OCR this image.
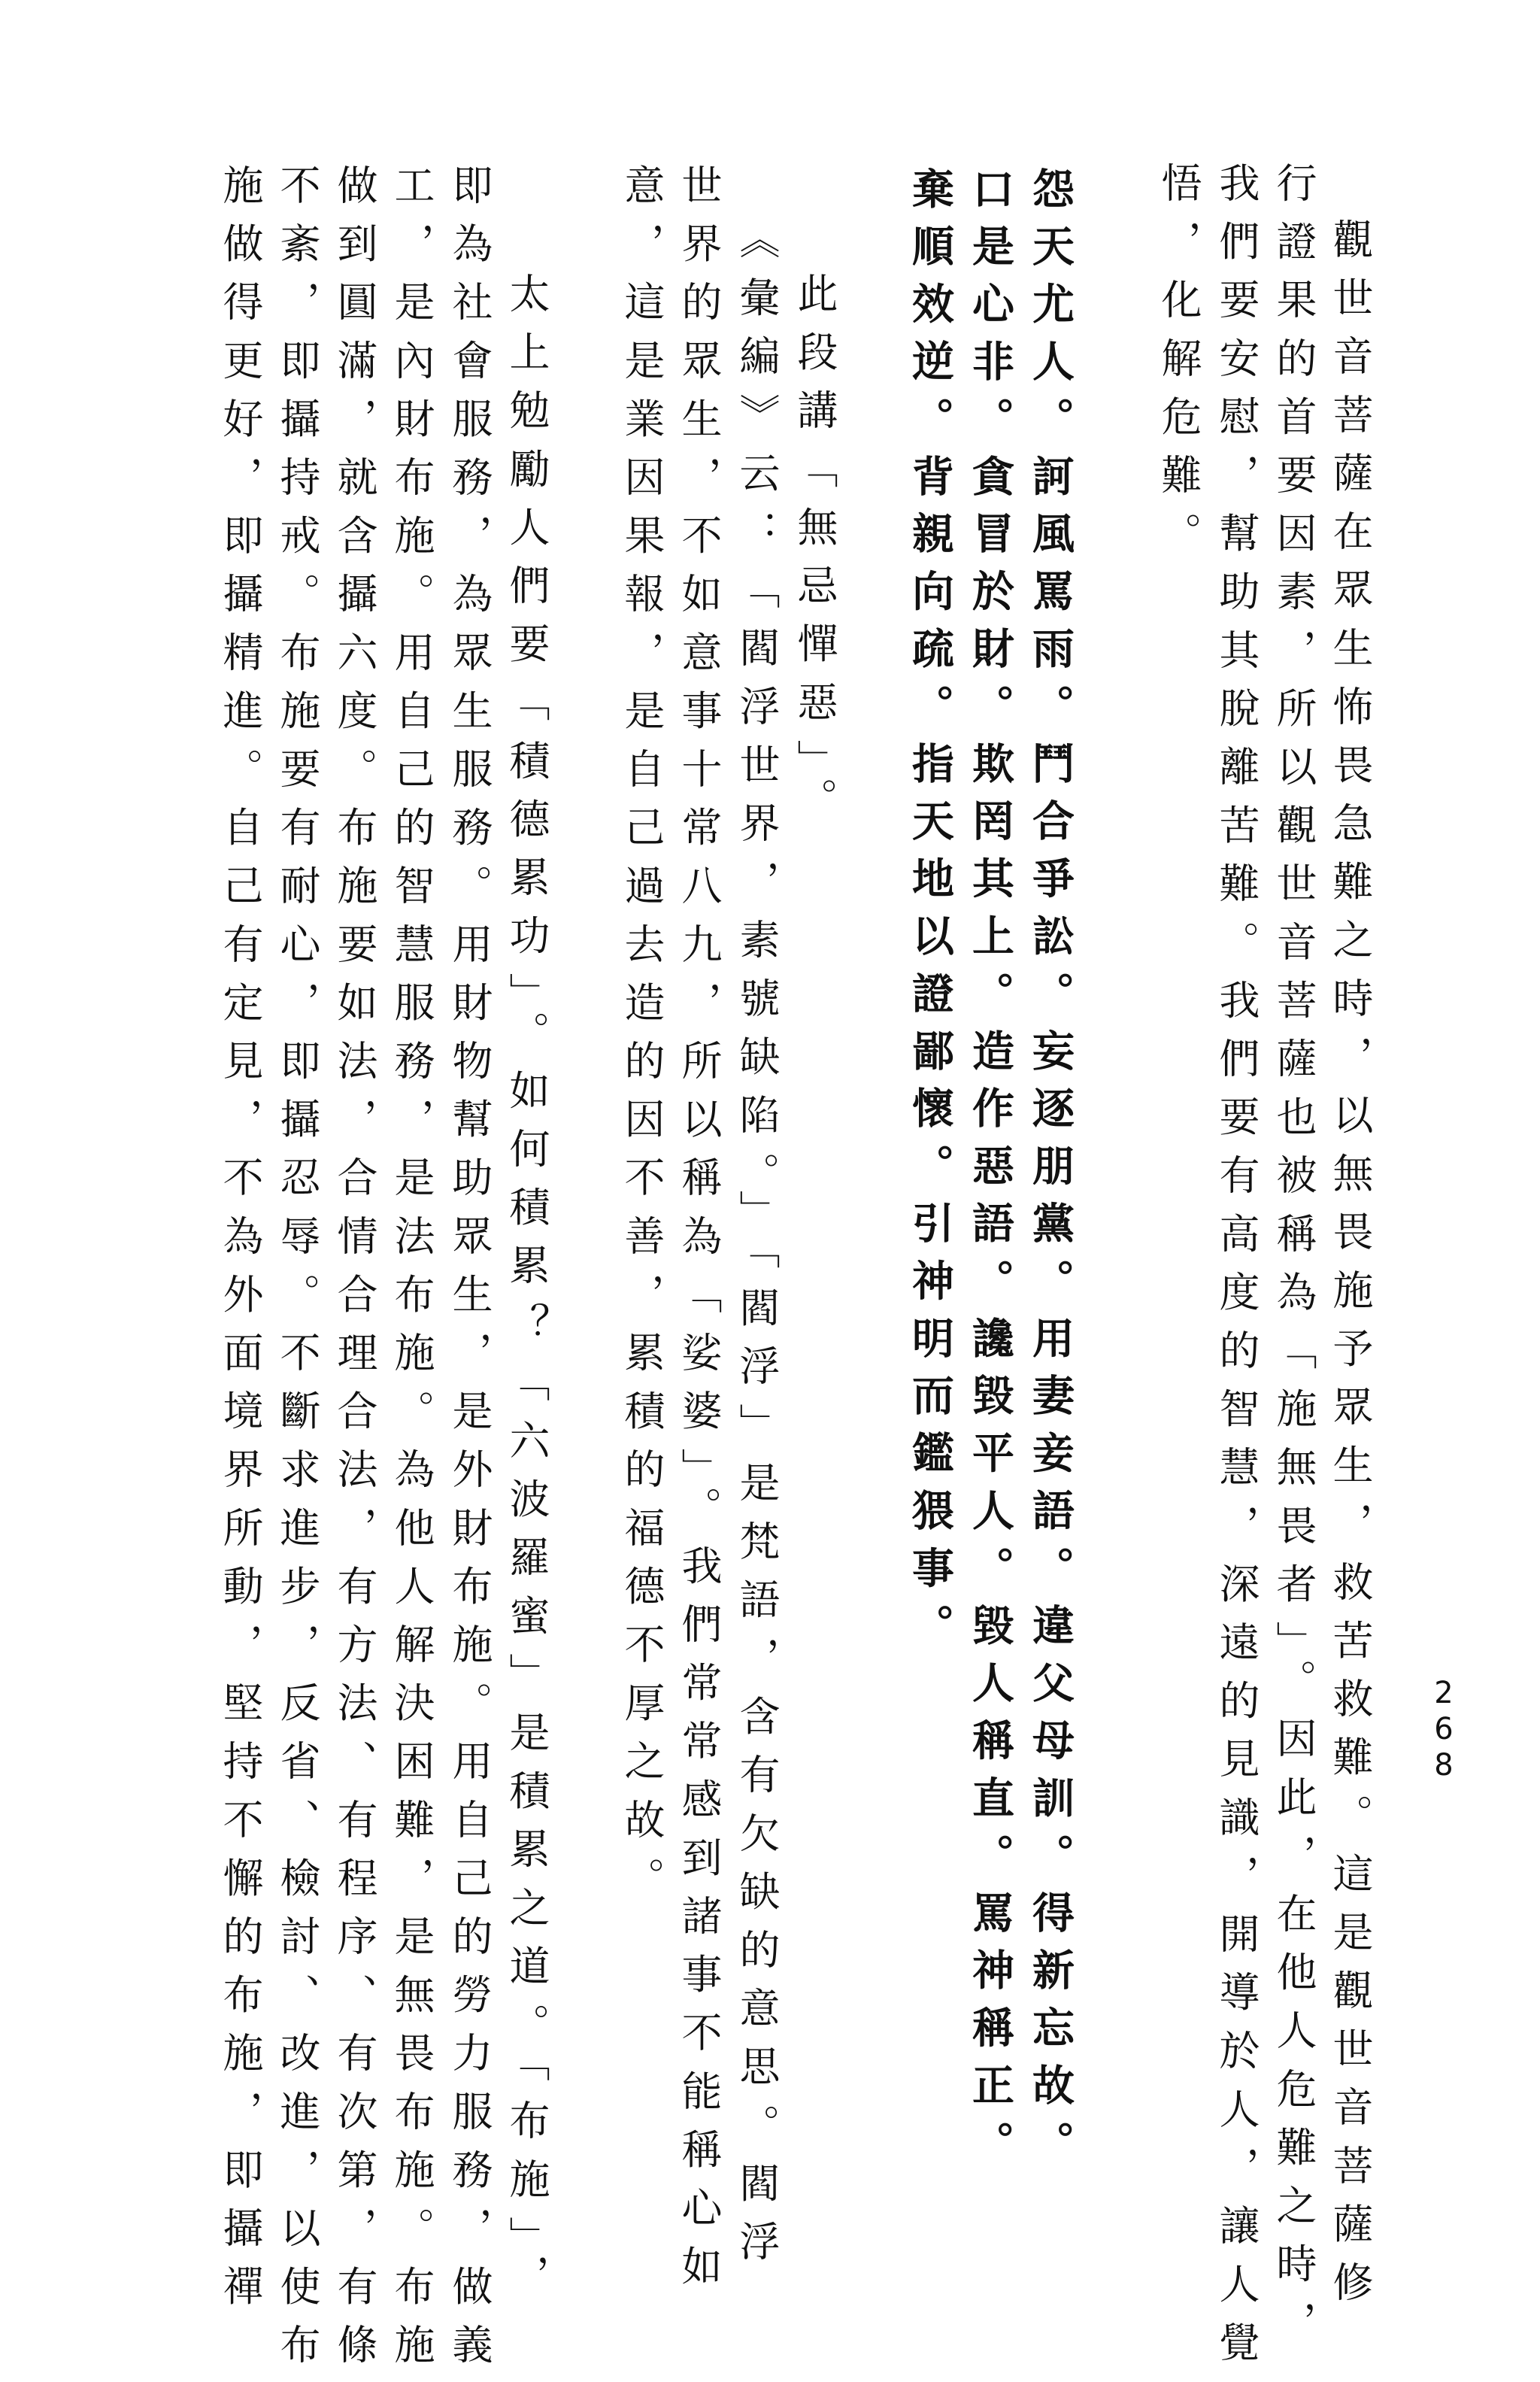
268

觀世音菩薩在眾生怖畏急難之時，以無畏施予眾生，救苦救難。這是觀世音菩薩修

行證果的首要因素，所以觀世音菩薩也被稱為「施無畏者」。因此，在他人危難之時，

我們要安慰，幫助其脫離苦難。我們要有高度的智慧，深遠的見識，開導於人，讓人覺

悟，化解危難。

怨天尤人。訶風罵雨。鬥合爭訟。妄逐朋黨。用妻妾語。違父母訓。得新忘故。

口是心非。貪冒於財。欺罔其上。造作惡語。讒毀平人。毀人稱直。罵神稱正。

棄順效逆。背親向疏。指天地以證鄙懷。引神明而鑑猥事。

此段講「無忌憚惡」。

《彙編》云：「閻浮世界，素號缺陷。」「閻浮」是梵語，含有欠缺的意思。閻浮

世界的眾生，不如意事十常八九，所以稱為「娑婆」。我們常常感到諸事不能稱心如

意，這是業因果報，是自己過去造的因不善，累積的福德不厚之故。

太上勉勵人們要「積德累功」。如何積累？「六波羅蜜」是積累之道。「布施」，

即為社會服務，為眾生服務。用財物幫助眾生，是外財布施。用自己的勞力服務，做義

工，是內財布施。用自己的智慧服務，是法布施。為他人解決困難，是無畏布施。布施

做到圓滿，就含攝六度。布施要如法，合情合理合法，有方法、有程序、有次第，有條

不紊，即攝持戒。布施要有耐心，即攝忍辱。不斷求進步，反省、檢討、改進，以使布

施做得更好，即攝精進。自己有定見，不為外面境界所動，堅持不懈的布施，即攝禪
